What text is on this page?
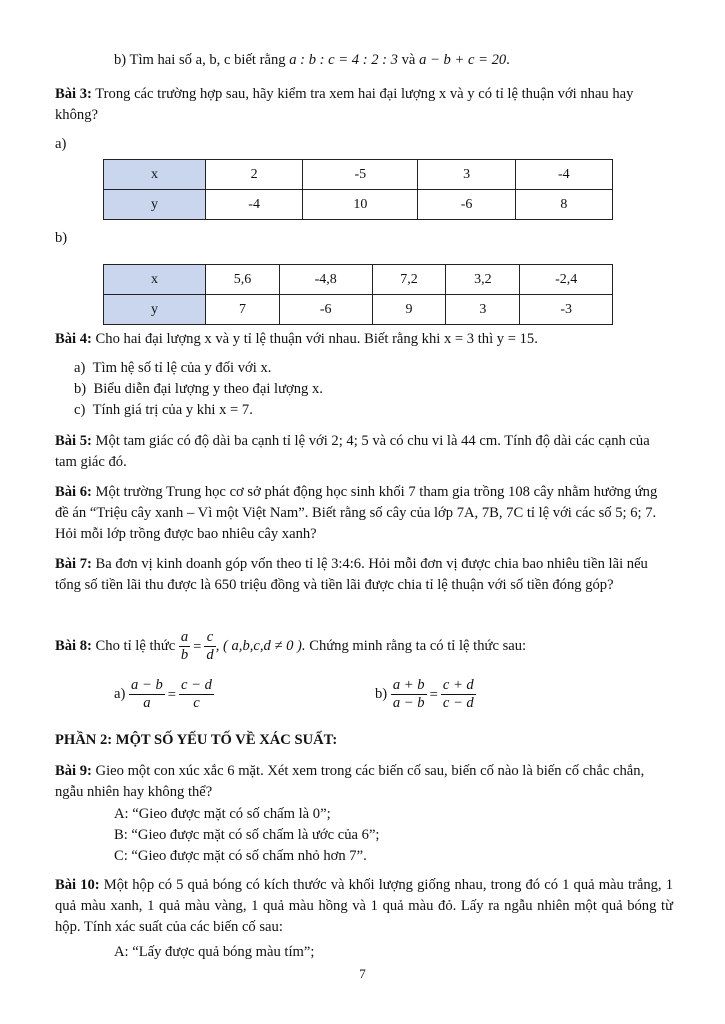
b) Tìm hai số a, b, c biết rằng a : b : c = 4 : 2 : 3 và a − b + c = 20.
Bài 3: Trong các trường hợp sau, hãy kiểm tra xem hai đại lượng x và y có tỉ lệ thuận với nhau hay không?
a)
x	2	-5	3	-4
y	-4	10	-6	8
b)
x	5,6	-4,8	7,2	3,2	-2,4
y	7	-6	9	3	-3
Bài 4: Cho hai đại lượng x và y tỉ lệ thuận với nhau. Biết rằng khi x = 3 thì y = 15.
a)  Tìm hệ số tỉ lệ của y đối với x.
b)  Biểu diễn đại lượng y theo đại lượng x.
c)  Tính giá trị của y khi x = 7.
Bài 5: Một tam giác có độ dài ba cạnh tỉ lệ với 2; 4; 5 và có chu vi là 44 cm. Tính độ dài các cạnh của tam giác đó.
Bài 6: Một trường Trung học cơ sở phát động học sinh khối 7 tham gia trồng 108 cây nhằm hưởng ứng đề án “Triệu cây xanh – Vì một Việt Nam”. Biết rằng số cây của lớp 7A, 7B, 7C tỉ lệ với các số 5; 6; 7. Hỏi mỗi lớp trồng được bao nhiêu cây xanh?
Bài 7: Ba đơn vị kinh doanh góp vốn theo tỉ lệ 3:4:6. Hỏi mỗi đơn vị được chia bao nhiêu tiền lãi nếu tổng số tiền lãi thu được là 650 triệu đồng và tiền lãi được chia tỉ lệ thuận với số tiền đóng góp?
Bài 8: Cho tỉ lệ thức $\frac{a}{b} = \frac{c}{d}$ , ( a,b,c,d ≠ 0 ). Chứng minh rằng ta có tỉ lệ thức sau:
$a) \frac{a - b}{a} = \frac{c - d}{c}$	$b) \frac{a + b}{a - b} = \frac{c + d}{c - d}$
PHẦN 2: MỘT SỐ YẾU TỐ VỀ XÁC SUẤT:
Bài 9: Gieo một con xúc xắc 6 mặt. Xét xem trong các biến cố sau, biến cố nào là biến cố chắc chắn, ngẫu nhiên hay không thể?
A: “Gieo được mặt có số chấm là 0”;
B: “Gieo được mặt có số chấm là ước của 6”;
C: “Gieo được mặt có số chấm nhỏ hơn 7”.
Bài 10: Một hộp có 5 quả bóng có kích thước và khối lượng giống nhau, trong đó có 1 quả màu trắng, 1 quả màu xanh, 1 quả màu vàng, 1 quả màu hồng và 1 quả màu đỏ. Lấy ra ngẫu nhiên một quả bóng từ hộp. Tính xác suất của các biến cố sau:
A: “Lấy được quả bóng màu tím”;
7
